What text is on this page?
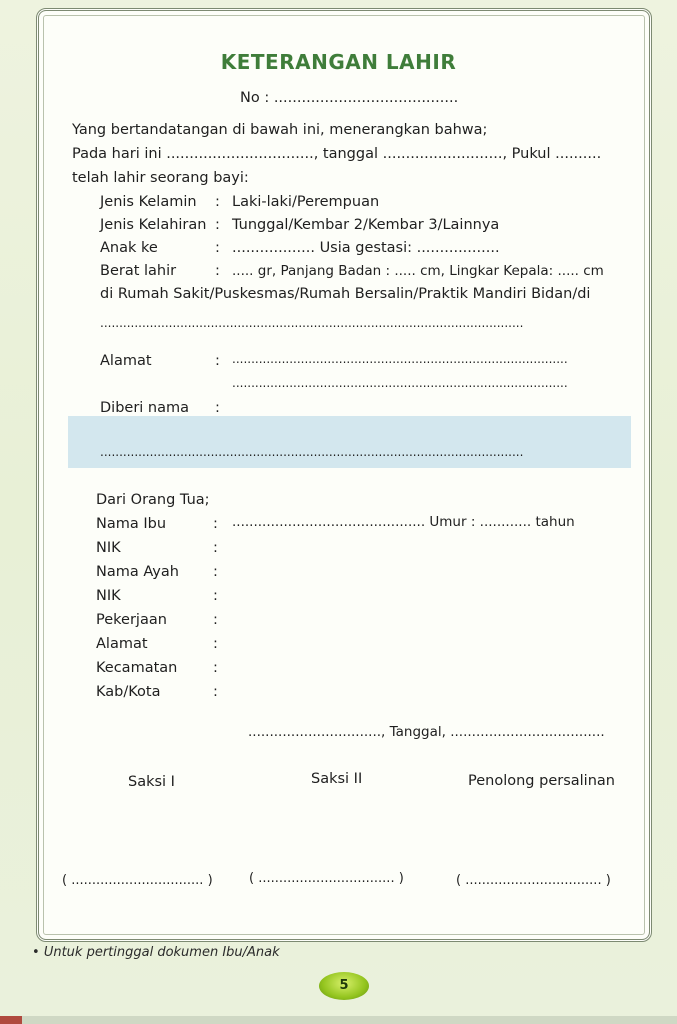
KETERANGAN LAHIR
No : ........................................
Yang bertandatangan di bawah ini, menerangkan bahwa;
Pada hari ini ................................, tanggal .........................., Pukul ..........
telah lahir seorang bayi:
Jenis Kelamin : Laki-laki/Perempuan
Jenis Kelahiran : Tunggal/Kembar 2/Kembar 3/Lainnya
Anak ke	: .................. Usia gestasi: ..................
Berat lahir	: ..... gr, Panjang Badan : ..... cm, Lingkar Kepala: ..... cm
di Rumah Sakit/Puskesmas/Rumah Bersalin/Praktik Mandiri Bidan/di
...............................................................................................................
Alamat	: ........................................................................................
........................................................................................
Diberi nama :
...............................................................................................................
Dari Orang Tua;
Nama Ibu	: ............................................. Umur : ............ tahun
NIK	:
Nama Ayah :
NIK	:
Pekerjaan	:
Alamat	:
Kecamatan :
Kab/Kota	:
..............................., Tanggal, ....................................
Saksi I	Saksi II	Penolong persalinan
( ................................ )	( ................................. )	( ................................. )
• Untuk pertinggal dokumen Ibu/Anak
5
